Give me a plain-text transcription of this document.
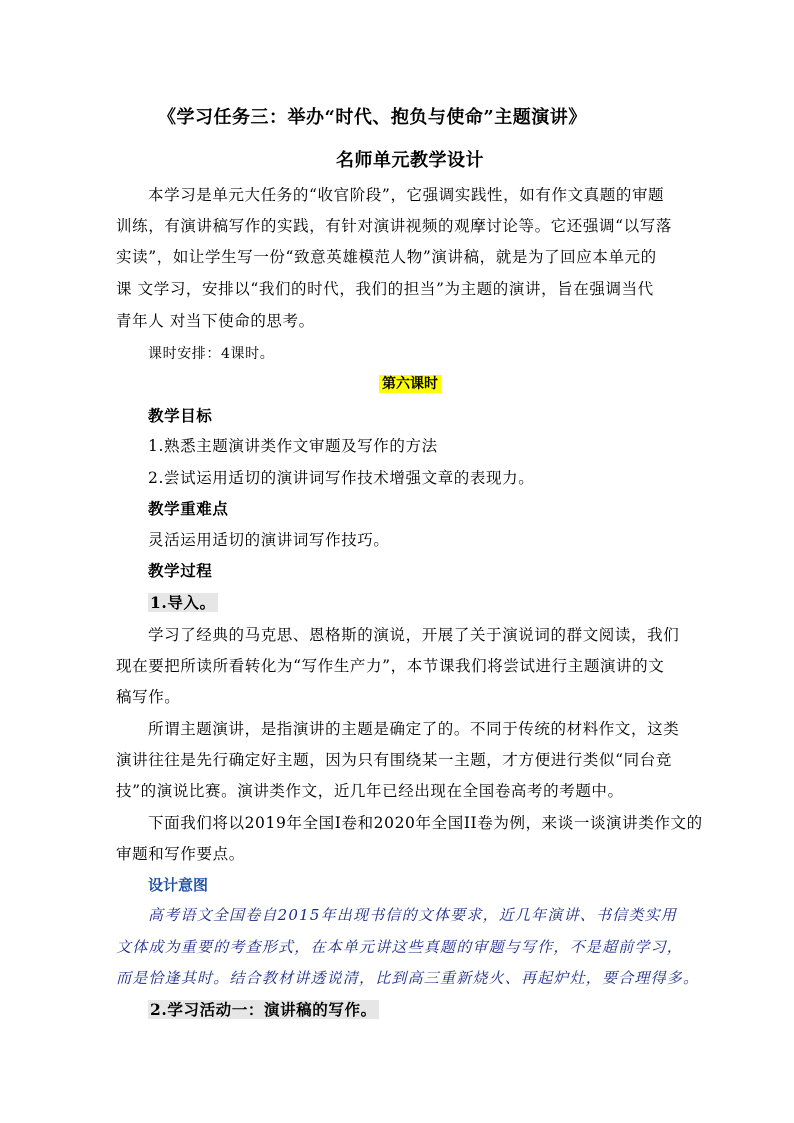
《学习任务三：举办“时代、抱负与使命”主题演讲》
名师单元教学设计
本学习是单元大任务的“收官阶段”，它强调实践性，如有作文真题的审题
训练，有演讲稿写作的实践，有针对演讲视频的观摩讨论等。它还强调“以写落
实读”，如让学生写一份“致意英雄模范人物”演讲稿，就是为了回应本单元的
课 文学习，安排以“我们的时代，我们的担当”为主题的演讲，旨在强调当代
青年人 对当下使命的思考。
课时安排：4课时。
第六课时
教学目标
1.熟悉主题演讲类作文审题及写作的方法
2.尝试运用适切的演讲词写作技术增强文章的表现力。
教学重难点
灵活运用适切的演讲词写作技巧。
教学过程
1.导入。
学习了经典的马克思、恩格斯的演说，开展了关于演说词的群文阅读，我们
现在要把所读所看转化为“写作生产力”，本节课我们将尝试进行主题演讲的文
稿写作。
所谓主题演讲，是指演讲的主题是确定了的。不同于传统的材料作文，这类
演讲往往是先行确定好主题，因为只有围绕某一主题，才方便进行类似“同台竞
技”的演说比赛。演讲类作文，近几年已经出现在全国卷高考的考题中。
下面我们将以2019年全国I卷和2020年全国II卷为例，来谈一谈演讲类作文的
审题和写作要点。
设计意图
高考语文全国卷自2015年出现书信的文体要求，近几年演讲、书信类实用
文体成为重要的考查形式，在本单元讲这些真题的审题与写作，不是超前学习，
而是恰逢其时。结合教材讲透说清，比到高三重新烧火、再起炉灶，要合理得多。
2.学习活动一：演讲稿的写作。
